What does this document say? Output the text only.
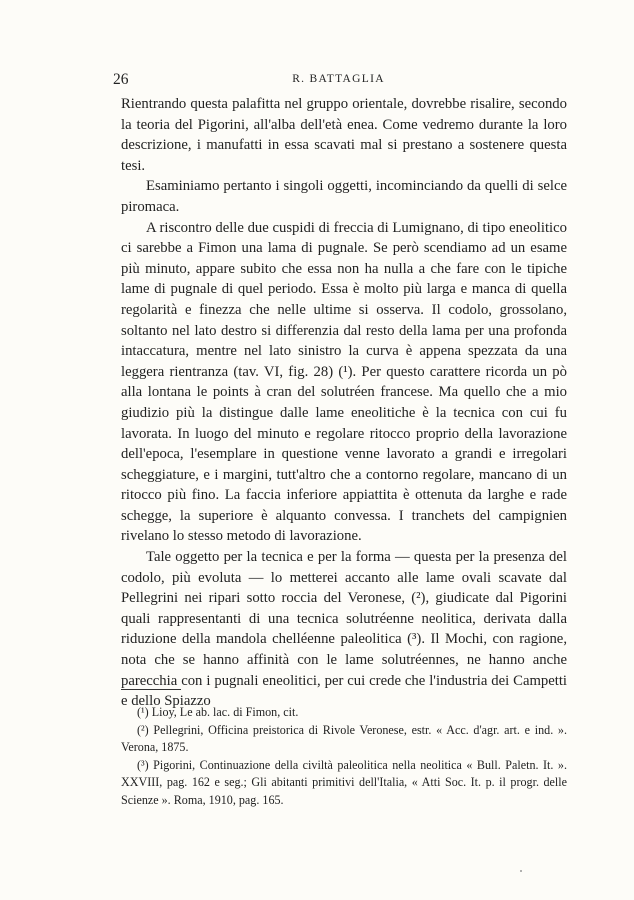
26	R. BATTAGLIA

Rientrando questa palafitta nel gruppo orientale, dovrebbe risalire, secondo la teoria del Pigorini, all'alba dell'età enea. Come vedremo durante la loro descrizione, i manufatti in essa scavati mal si prestano a sostenere questa tesi.

Esaminiamo pertanto i singoli oggetti, incominciando da quelli di selce piromaca.

A riscontro delle due cuspidi di freccia di Lumignano, di tipo eneolitico ci sarebbe a Fimon una lama di pugnale. Se però scendiamo ad un esame più minuto, appare subito che essa non ha nulla a che fare con le tipiche lame di pugnale di quel periodo. Essa è molto più larga e manca di quella regolarità e finezza che nelle ultime si osserva. Il codolo, grossolano, soltanto nel lato destro si differenzia dal resto della lama per una profonda intaccatura, mentre nel lato sinistro la curva è appena spezzata da una leggera rientranza (tav. VI, fig. 28) (¹). Per questo carattere ricorda un pò alla lontana le points à cran del solutréen francese. Ma quello che a mio giudizio più la distingue dalle lame eneolitiche è la tecnica con cui fu lavorata. In luogo del minuto e regolare ritocco proprio della lavorazione dell'epoca, l'esemplare in questione venne lavorato a grandi e irregolari scheggiature, e i margini, tutt'altro che a contorno regolare, mancano di un ritocco più fino. La faccia inferiore appiattita è ottenuta da larghe e rade schegge, la superiore è alquanto convessa. I tranchets del campignien rivelano lo stesso metodo di lavorazione.

Tale oggetto per la tecnica e per la forma — questa per la presenza del codolo, più evoluta — lo metterei accanto alle lame ovali scavate dal Pellegrini nei ripari sotto roccia del Veronese, (²), giudicate dal Pigorini quali rappresentanti di una tecnica solutréenne neolitica, derivata dalla riduzione della mandola chelléenne paleolitica (³). Il Mochi, con ragione, nota che se hanno affinità con le lame solutréennes, ne hanno anche parecchia con i pugnali eneolitici, per cui crede che l'industria dei Campetti e dello Spiazzo

(¹) Lioy, Le ab. lac. di Fimon, cit.

(²) Pellegrini, Officina preistorica di Rivole Veronese, estr. « Acc. d'agr. art. e ind. ». Verona, 1875.

(³) Pigorini, Continuazione della civiltà paleolitica nella neolitica « Bull. Paletn. It. ». XXVIII, pag. 162 e seg.; Gli abitanti primitivi dell'Italia, « Atti Soc. It. p. il progr. delle Scienze ». Roma, 1910, pag. 165.
